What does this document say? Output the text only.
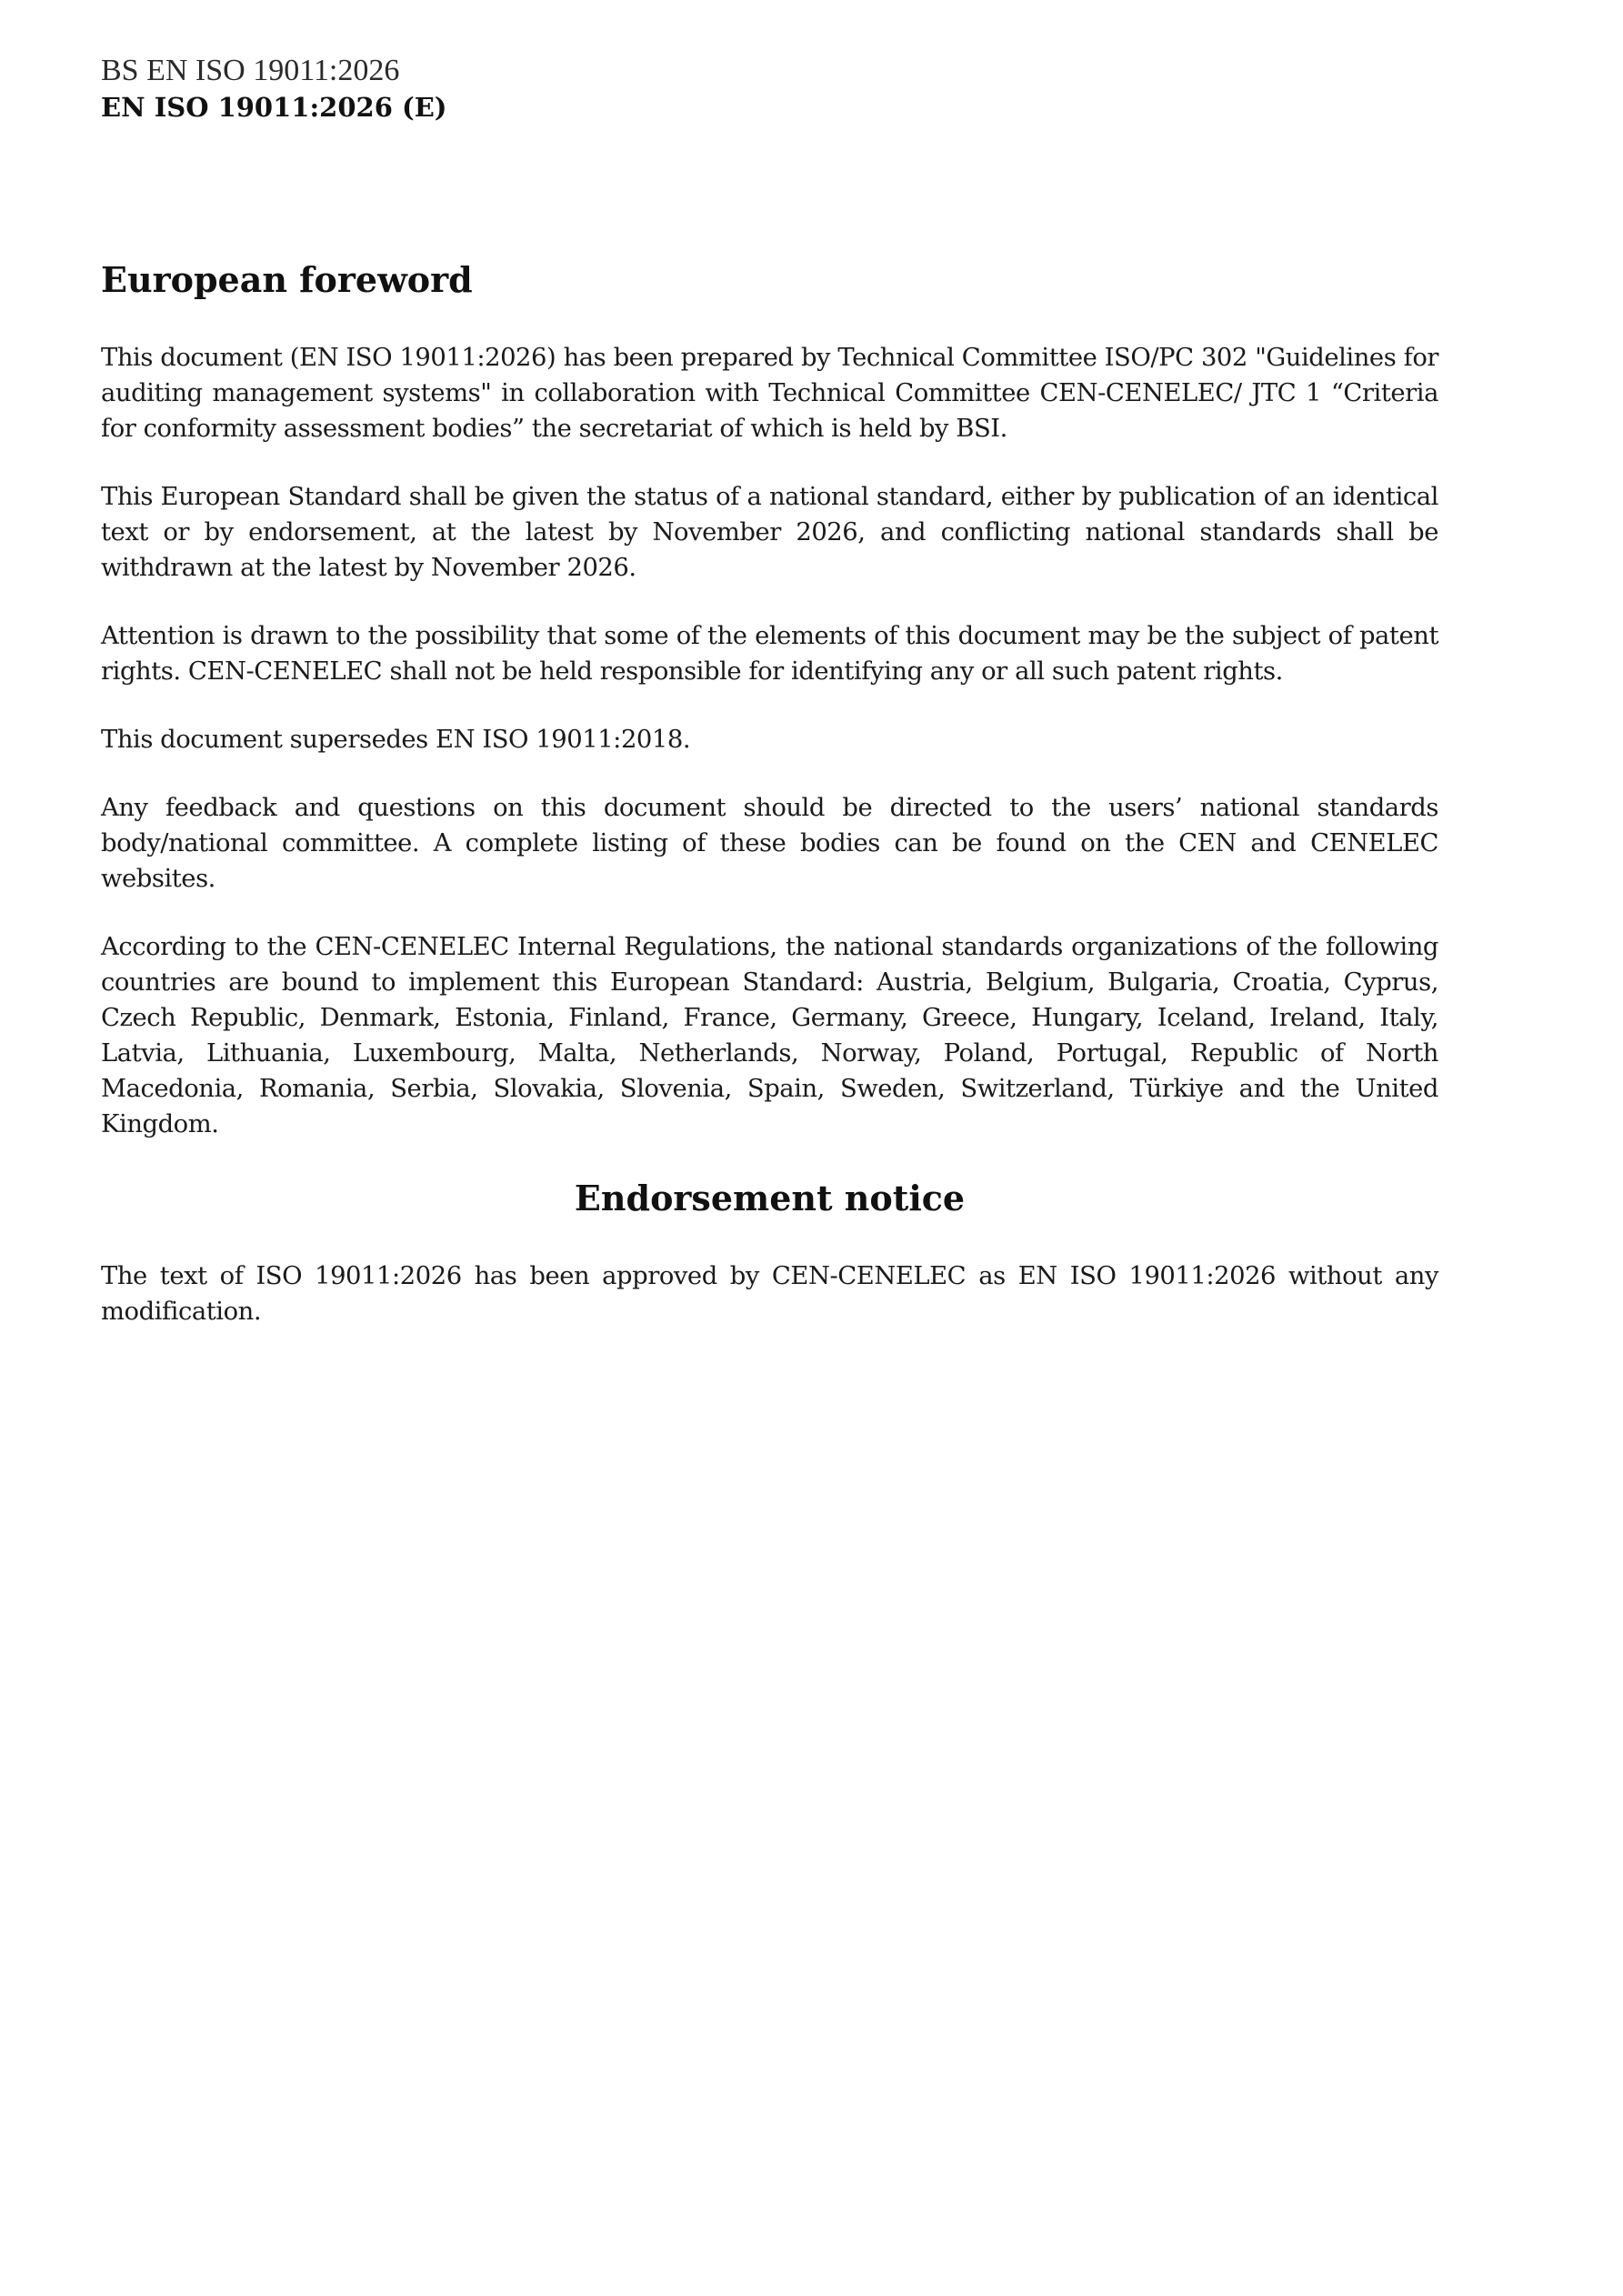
BS EN ISO 19011:2026

EN ISO 19011:2026 (E)

European foreword

This document (EN ISO 19011:2026) has been prepared by Technical Committee ISO/PC 302 "Guidelines for auditing management systems" in collaboration with Technical Committee CEN-CENELEC/ JTC 1 “Criteria for conformity assessment bodies” the secretariat of which is held by BSI.

This European Standard shall be given the status of a national standard, either by publication of an identical text or by endorsement, at the latest by November 2026, and conflicting national standards shall be withdrawn at the latest by November 2026.

Attention is drawn to the possibility that some of the elements of this document may be the subject of patent rights. CEN-CENELEC shall not be held responsible for identifying any or all such patent rights.

This document supersedes EN ISO 19011:2018.

Any feedback and questions on this document should be directed to the users’ national standards body/national committee. A complete listing of these bodies can be found on the CEN and CENELEC websites.

According to the CEN-CENELEC Internal Regulations, the national standards organizations of the following countries are bound to implement this European Standard: Austria, Belgium, Bulgaria, Croatia, Cyprus, Czech Republic, Denmark, Estonia, Finland, France, Germany, Greece, Hungary, Iceland, Ireland, Italy, Latvia, Lithuania, Luxembourg, Malta, Netherlands, Norway, Poland, Portugal, Republic of North Macedonia, Romania, Serbia, Slovakia, Slovenia, Spain, Sweden, Switzerland, Türkiye and the United Kingdom.

Endorsement notice

The text of ISO 19011:2026 has been approved by CEN-CENELEC as EN ISO 19011:2026 without any modification.
